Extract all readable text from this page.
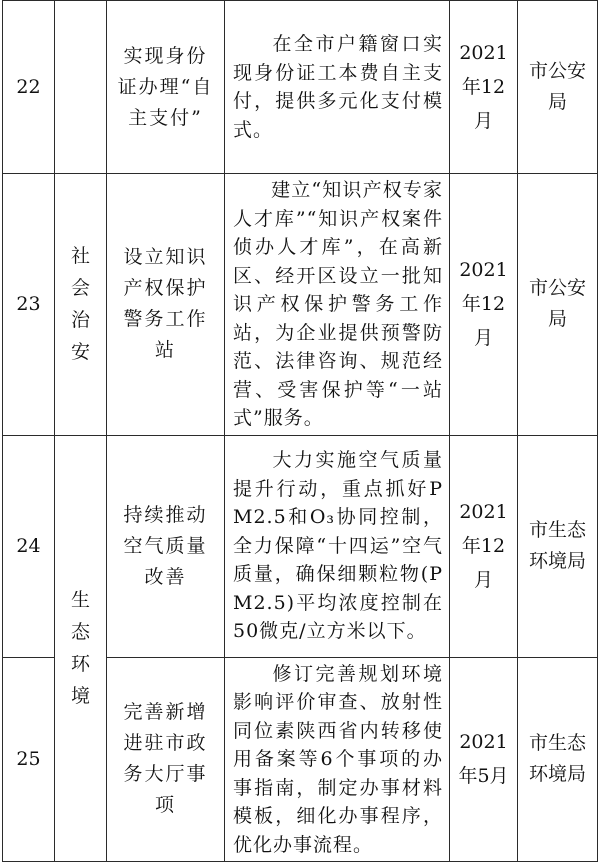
22		实现身份证办理“自主支付”	在全市户籍窗口实现身份证工本费自主支付，提供多元化支付模式。	2021年12月	市公安局
23	社会治安	设立知识产权保护警务工作站	建立“知识产权专家人才库”“知识产权案件侦办人才库”，在高新区、经开区设立一批知识产权保护警务工作站，为企业提供预警防范、法律咨询、规范经营、受害保护等“一站式”服务。	2021年12月	市公安局
24	生态环境	持续推动空气质量改善	大力实施空气质量提升行动，重点抓好PM2.5和O₃协同控制，全力保障“十四运”空气质量，确保细颗粒物(PM2.5)平均浓度控制在50微克/立方米以下。	2021年12月	市生态环境局
25		完善新增进驻市政务大厅事项	修订完善规划环境影响评价审查、放射性同位素陕西省内转移使用备案等6个事项的办事指南，制定办事材料模板，细化办事程序，优化办事流程。	2021年5月	市生态环境局
